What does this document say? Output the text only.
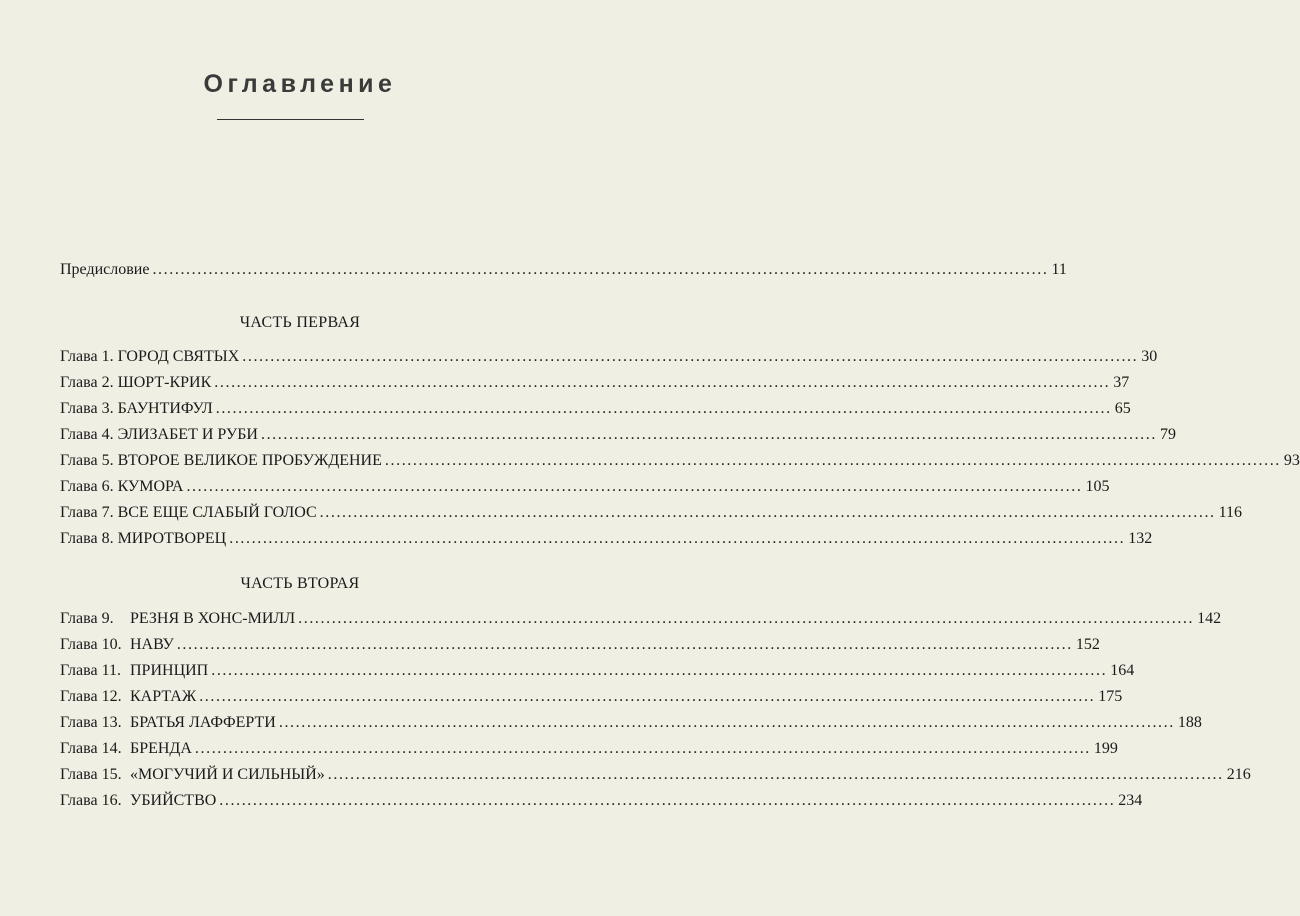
Оглавление
Предисловие ................................................................................................................................................................ 11
ЧАСТЬ ПЕРВАЯ
Глава 1. ГОРОД СВЯТЫХ ................................................................................................................................................................ 30
Глава 2. ШОРТ-КРИК ................................................................................................................................................................ 37
Глава 3. БАУНТИФУЛ ................................................................................................................................................................ 65
Глава 4. ЭЛИЗАБЕТ И РУБИ ................................................................................................................................................................ 79
Глава 5. ВТОРОЕ ВЕЛИКОЕ ПРОБУЖДЕНИЕ ................................................................................................................................................................ 93
Глава 6. КУМОРА ................................................................................................................................................................ 105
Глава 7. ВСЕ ЕЩЕ СЛАБЫЙ ГОЛОС ................................................................................................................................................................ 116
Глава 8. МИРОТВОРЕЦ ................................................................................................................................................................ 132
ЧАСТЬ ВТОРАЯ
Глава 9. РЕЗНЯ В ХОНС-МИЛЛ ................................................................................................................................................................ 142
Глава 10. НАВУ ................................................................................................................................................................ 152
Глава 11. ПРИНЦИП ................................................................................................................................................................ 164
Глава 12. КАРТАЖ ................................................................................................................................................................ 175
Глава 13. БРАТЬЯ ЛАФФЕРТИ ................................................................................................................................................................ 188
Глава 14. БРЕНДА ................................................................................................................................................................ 199
Глава 15. «МОГУЧИЙ И СИЛЬНЫЙ» ................................................................................................................................................................ 216
Глава 16. УБИЙСТВО ................................................................................................................................................................ 234
